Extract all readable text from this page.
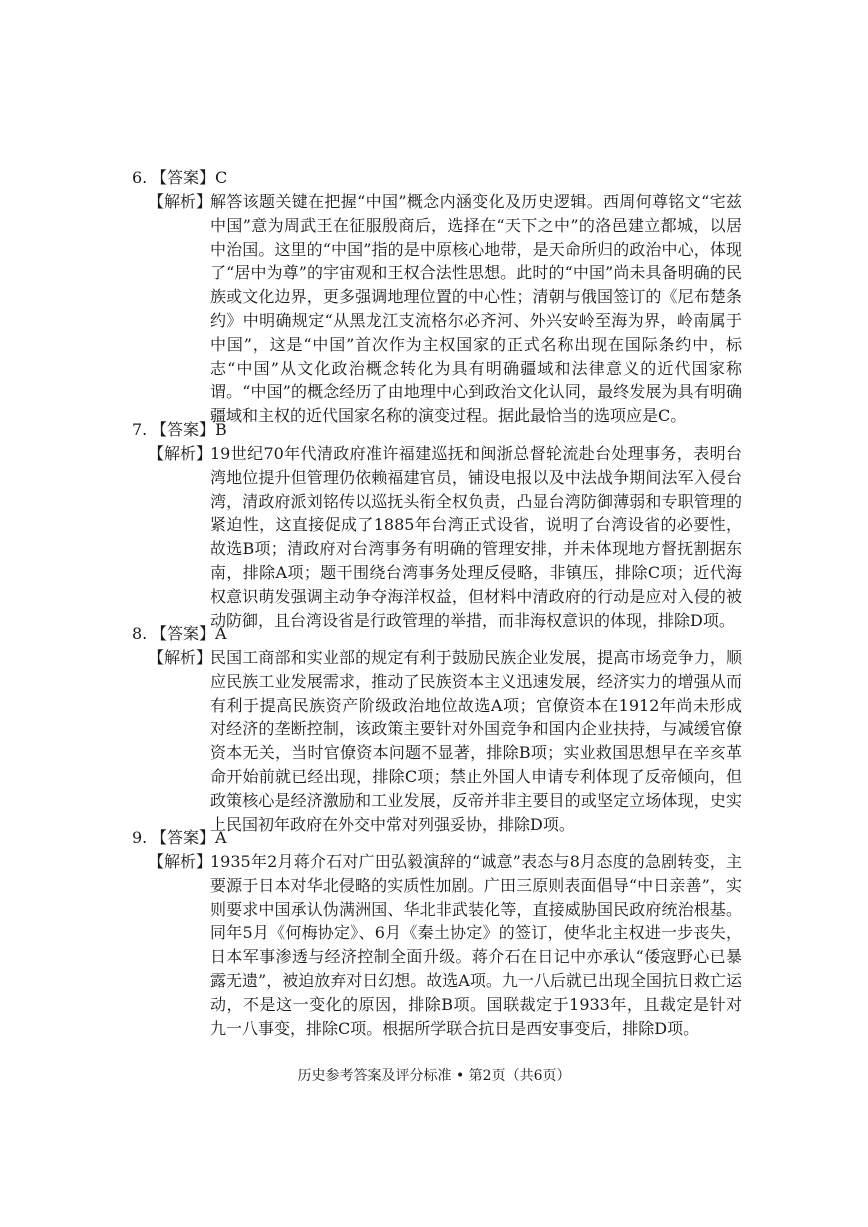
6. 【答案】C
【解析】
解答该题关键在把握“中国”概念内涵变化及历史逻辑。西周何尊铭文“宅兹中国”意为周武王在征服殷商后，选择在“天下之中”的洛邑建立都城，以居中治国。这里的“中国”指的是中原核心地带，是天命所归的政治中心，体现了“居中为尊”的宇宙观和王权合法性思想。此时的“中国”尚未具备明确的民族或文化边界，更多强调地理位置的中心性；清朝与俄国签订的《尼布楚条约》中明确规定“从黑龙江支流格尔必齐河、外兴安岭至海为界，岭南属于中国”，这是“中国”首次作为主权国家的正式名称出现在国际条约中，标志“中国”从文化政治概念转化为具有明确疆域和法律意义的近代国家称谓。“中国”的概念经历了由地理中心到政治文化认同，最终发展为具有明确疆域和主权的近代国家名称的演变过程。据此最恰当的选项应是C。
7. 【答案】B
【解析】
19世纪70年代清政府准许福建巡抚和闽浙总督轮流赴台处理事务，表明台湾地位提升但管理仍依赖福建官员，铺设电报以及中法战争期间法军入侵台湾，清政府派刘铭传以巡抚头衔全权负责，凸显台湾防御薄弱和专职管理的紧迫性，这直接促成了1885年台湾正式设省，说明了台湾设省的必要性，故选B项；清政府对台湾事务有明确的管理安排，并未体现地方督抚割据东南，排除A项；题干围绕台湾事务处理反侵略，非镇压，排除C项；近代海权意识萌发强调主动争夺海洋权益，但材料中清政府的行动是应对入侵的被动防御，且台湾设省是行政管理的举措，而非海权意识的体现，排除D项。
8. 【答案】A
【解析】
民国工商部和实业部的规定有利于鼓励民族企业发展，提高市场竞争力，顺应民族工业发展需求，推动了民族资本主义迅速发展，经济实力的增强从而有利于提高民族资产阶级政治地位故选A项；官僚资本在1912年尚未形成对经济的垄断控制，该政策主要针对外国竞争和国内企业扶持，与减缓官僚资本无关，当时官僚资本问题不显著，排除B项；实业救国思想早在辛亥革命开始前就已经出现，排除C项；禁止外国人申请专利体现了反帝倾向，但政策核心是经济激励和工业发展，反帝并非主要目的或坚定立场体现，史实上民国初年政府在外交中常对列强妥协，排除D项。
9. 【答案】A
【解析】
1935年2月蒋介石对广田弘毅演辞的“诚意”表态与8月态度的急剧转变，主要源于日本对华北侵略的实质性加剧。广田三原则表面倡导“中日亲善”，实则要求中国承认伪满洲国、华北非武装化等，直接威胁国民政府统治根基。同年5月《何梅协定》、6月《秦土协定》的签订，使华北主权进一步丧失，日本军事渗透与经济控制全面升级。蒋介石在日记中亦承认“倭寇野心已暴露无遗”，被迫放弃对日幻想。故选A项。九一八后就已出现全国抗日救亡运动，不是这一变化的原因，排除B项。国联裁定于1933年，且裁定是针对九一八事变，排除C项。根据所学联合抗日是西安事变后，排除D项。
历史参考答案及评分标准 • 第2页（共6页）
